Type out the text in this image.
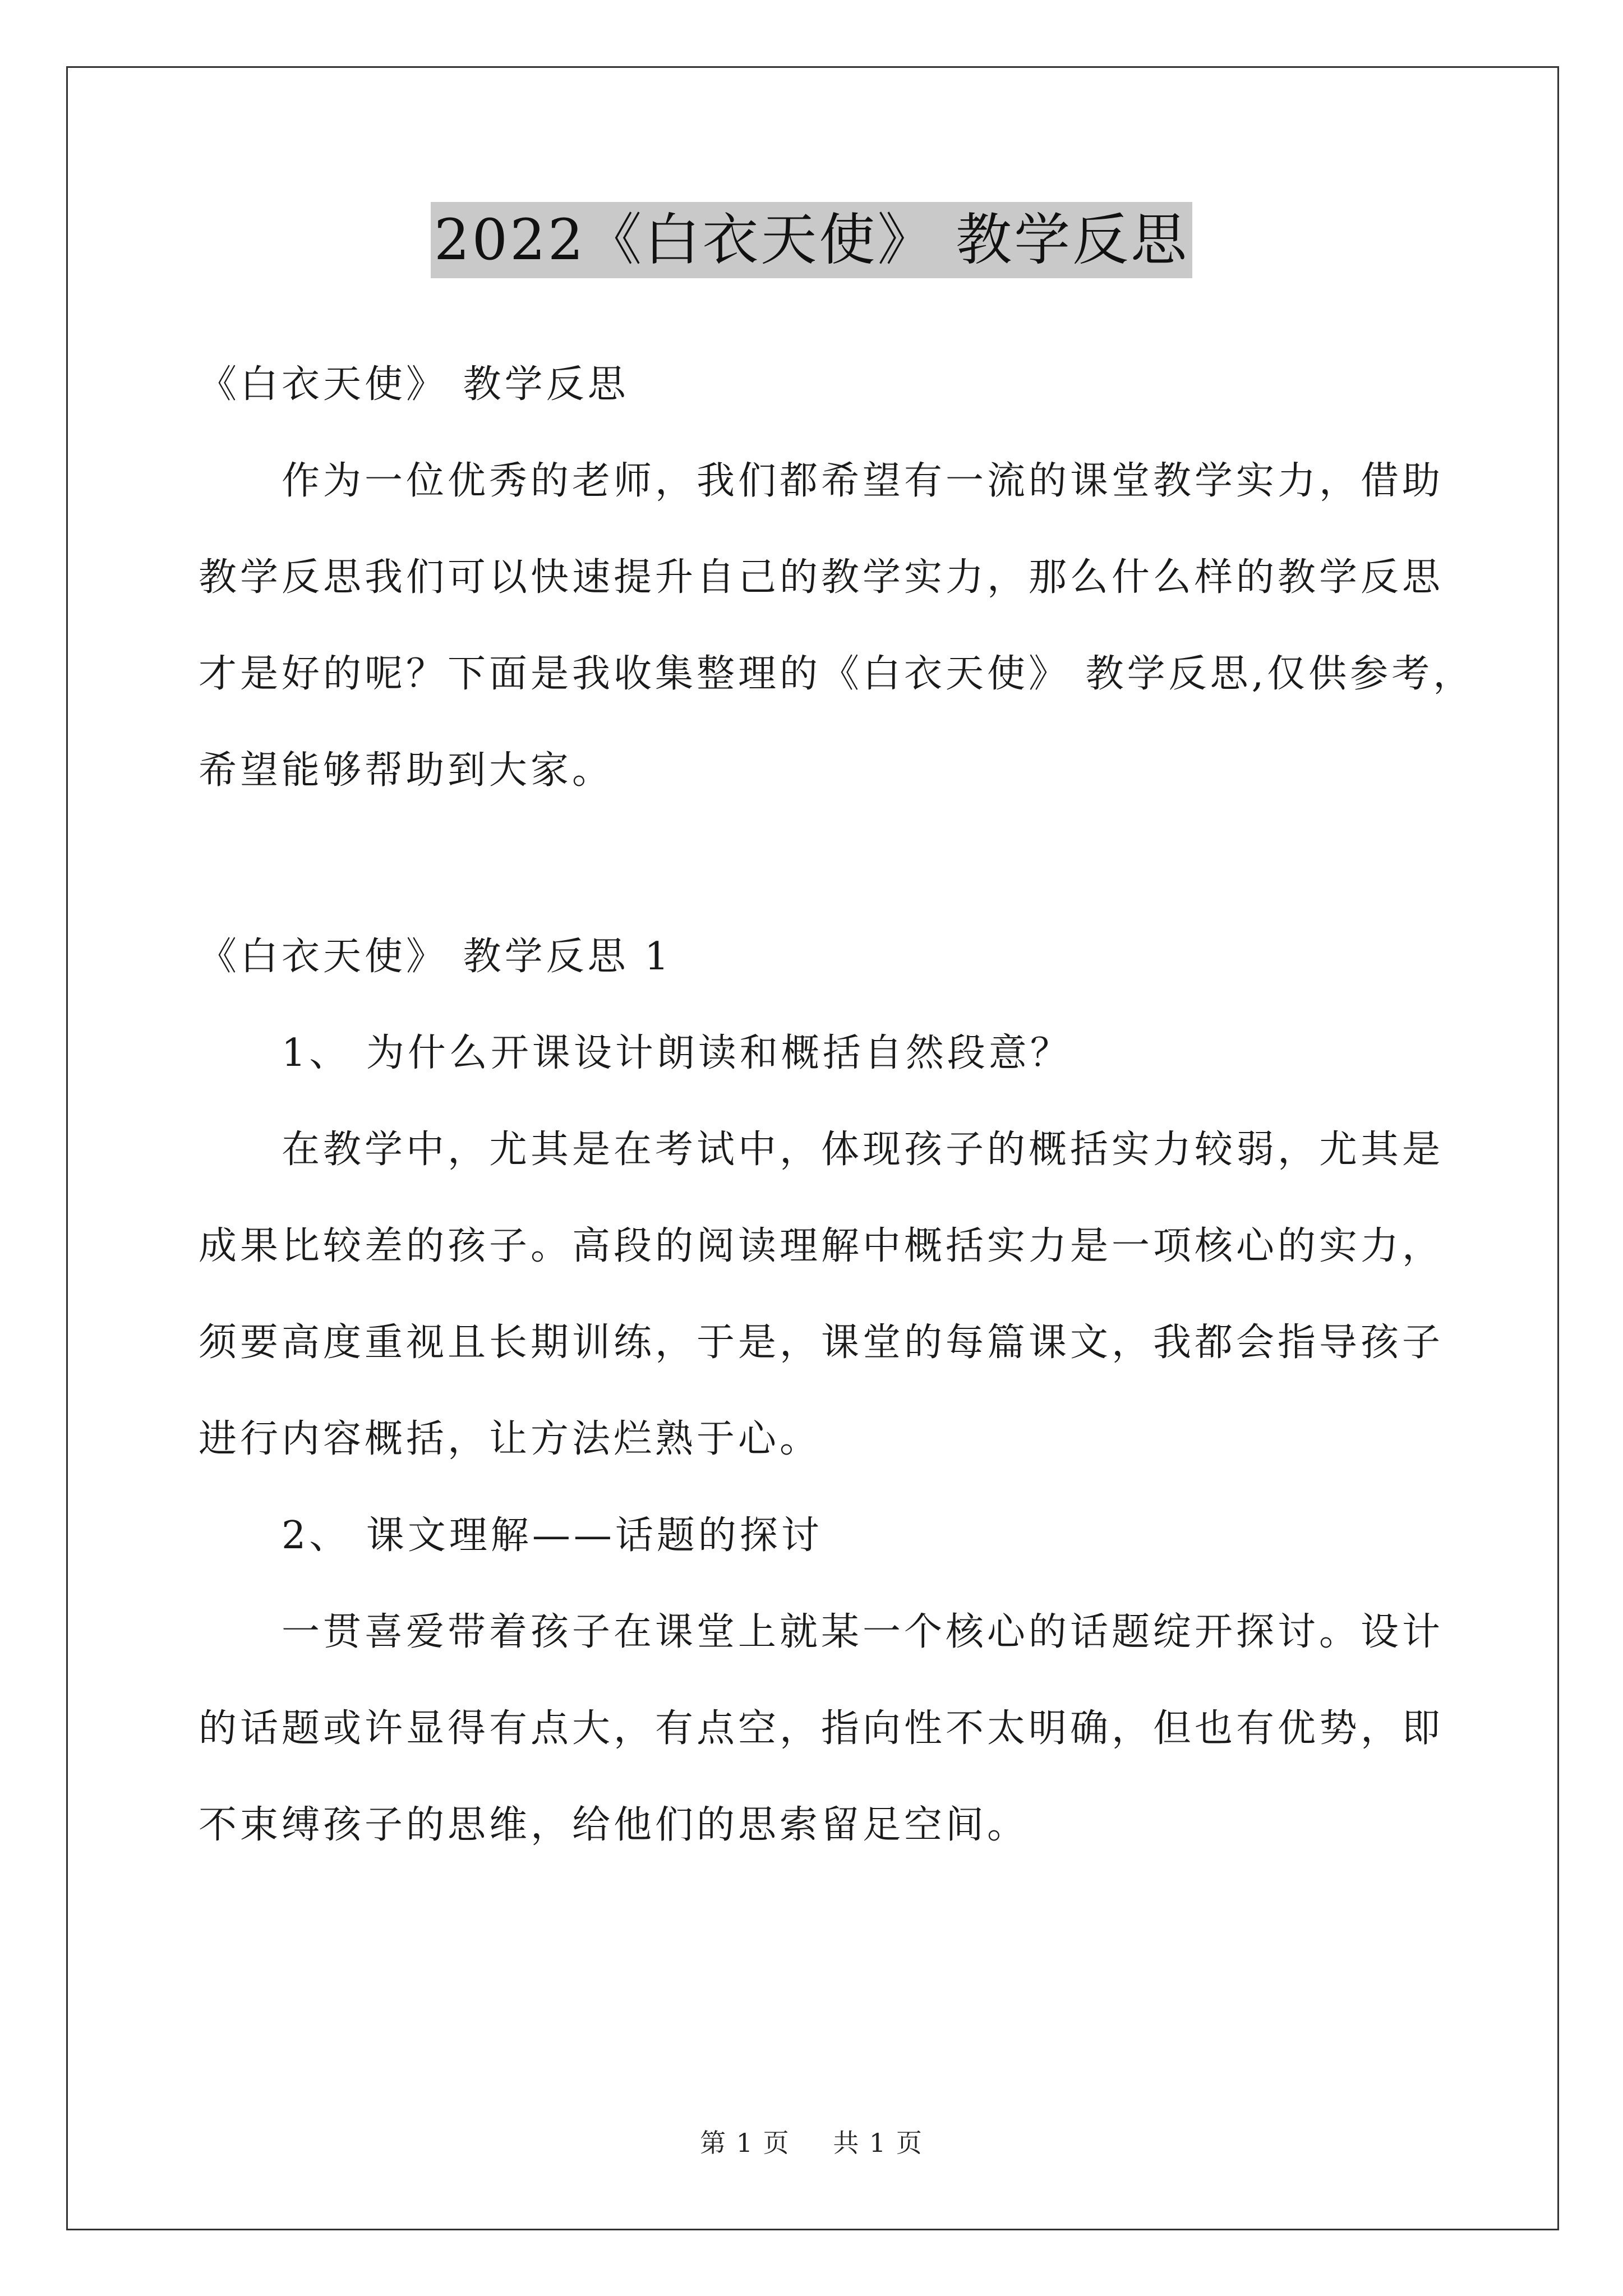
2022《白衣天使》 教学反思
《白衣天使》 教学反思
作为一位优秀的老师，我们都希望有一流的课堂教学实力，借助
教学反思我们可以快速提升自己的教学实力，那么什么样的教学反思
才是好的呢？下面是我收集整理的《白衣天使》 教学反思,仅供参考，
希望能够帮助到大家。
《白衣天使》 教学反思 1
1、 为什么开课设计朗读和概括自然段意？
在教学中，尤其是在考试中，体现孩子的概括实力较弱，尤其是
成果比较差的孩子。高段的阅读理解中概括实力是一项核心的实力，
须要高度重视且长期训练，于是，课堂的每篇课文，我都会指导孩子
进行内容概括，让方法烂熟于心。
2、 课文理解——话题的探讨
一贯喜爱带着孩子在课堂上就某一个核心的话题绽开探讨。设计
的话题或许显得有点大，有点空，指向性不太明确，但也有优势，即
不束缚孩子的思维，给他们的思索留足空间。
第 1 页 共 1 页
